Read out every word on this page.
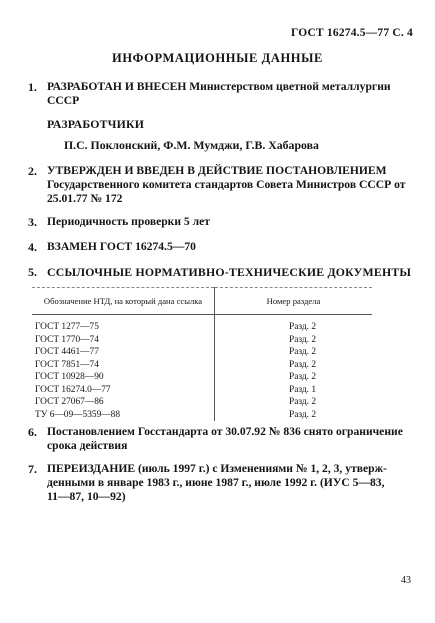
ГОСТ 16274.5—77 С. 4
ИНФОРМАЦИОННЫЕ ДАННЫЕ
1. РАЗРАБОТАН И ВНЕСЕН Министерством цветной металлургии
СССР
РАЗРАБОТЧИКИ
П.С. Поклонский, Ф.М. Мумджи, Г.В. Хабарова
2. УТВЕРЖДЕН И ВВЕДЕН В ДЕЙСТВИЕ ПОСТАНОВЛЕНИЕМ
Государственного комитета стандартов Совета Министров СССР от
25.01.77 № 172
3. Периодичность проверки 5 лет
4. ВЗАМЕН ГОСТ 16274.5—70
5. ССЫЛОЧНЫЕ НОРМАТИВНО-ТЕХНИЧЕСКИЕ ДОКУМЕНТЫ
Обозначение НТД, на который дана ссылка	Номер раздела
ГОСТ 1277—75	Разд. 2
ГОСТ 1770—74	Разд. 2
ГОСТ 4461—77	Разд. 2
ГОСТ 7851—74	Разд. 2
ГОСТ 10928—90	Разд. 2
ГОСТ 16274.0—77	Разд. 1
ГОСТ 27067—86	Разд. 2
ТУ 6—09—5359—88	Разд. 2
6. Постановлением Госстандарта от 30.07.92 № 836 снято ограничение
срока действия
7. ПЕРЕИЗДАНИЕ (июль 1997 г.) с Изменениями № 1, 2, 3, утверж-
денными в январе 1983 г., июне 1987 г., июле 1992 г. (ИУС 5—83,
11—87, 10—92)
43
